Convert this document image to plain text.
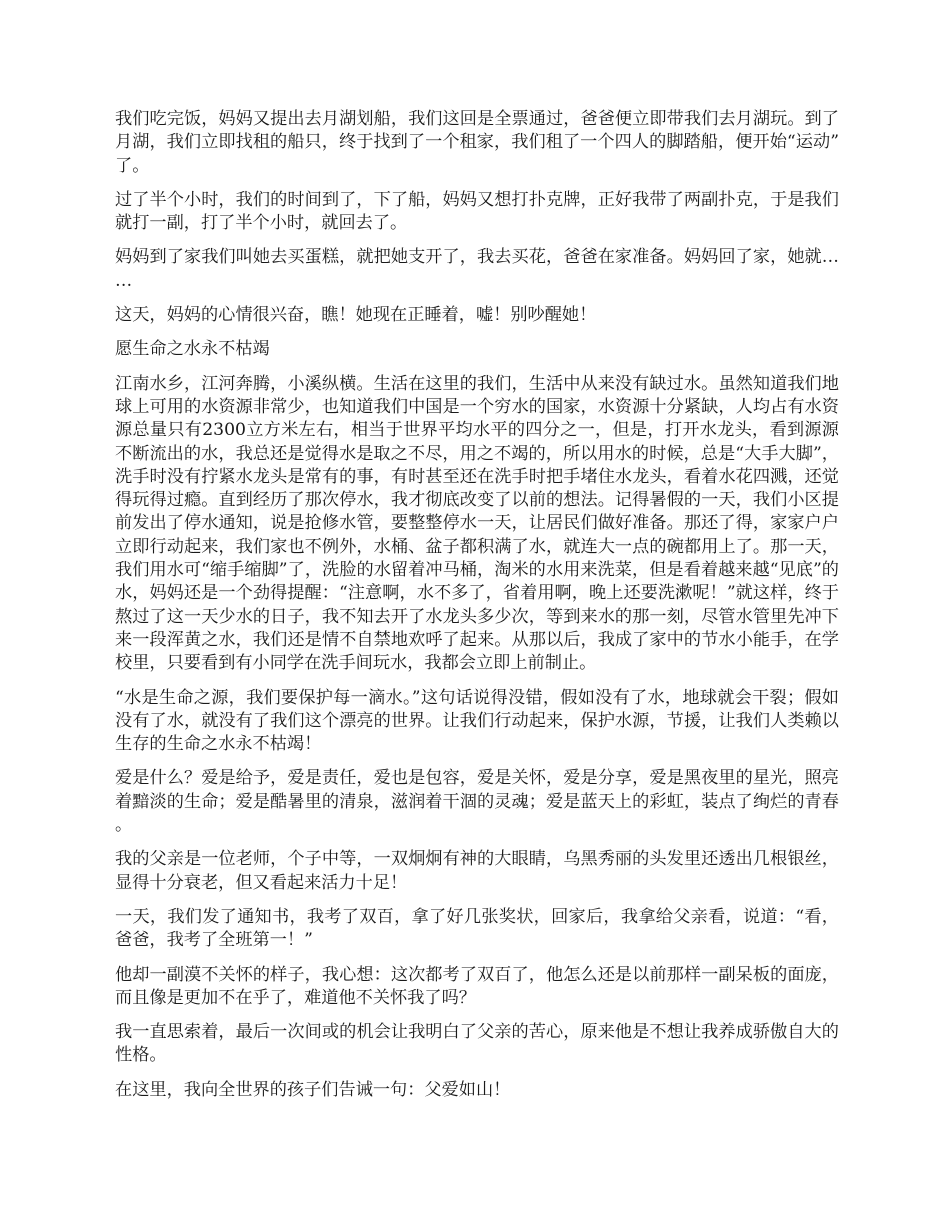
我们吃完饭，妈妈又提出去月湖划船，我们这回是全票通过，爸爸便立即带我们去月湖玩。到了月湖，我们立即找租的船只，终于找到了一个租家，我们租了一个四人的脚踏船，便开始“运动”了。

过了半个小时，我们的时间到了，下了船，妈妈又想打扑克牌，正好我带了两副扑克，于是我们就打一副，打了半个小时，就回去了。

妈妈到了家我们叫她去买蛋糕，就把她支开了，我去买花，爸爸在家准备。妈妈回了家，她就……

这天，妈妈的心情很兴奋，瞧！她现在正睡着，嘘！别吵醒她！

愿生命之水永不枯竭

江南水乡，江河奔腾，小溪纵横。生活在这里的我们，生活中从来没有缺过水。虽然知道我们地球上可用的水资源非常少，也知道我们中国是一个穷水的国家，水资源十分紧缺，人均占有水资源总量只有2300立方米左右，相当于世界平均水平的四分之一，但是，打开水龙头，看到源源不断流出的水，我总还是觉得水是取之不尽，用之不竭的，所以用水的时候，总是“大手大脚”，洗手时没有拧紧水龙头是常有的事，有时甚至还在洗手时把手堵住水龙头，看着水花四溅，还觉得玩得过瘾。直到经历了那次停水，我才彻底改变了以前的想法。记得暑假的一天，我们小区提前发出了停水通知，说是抢修水管，要整整停水一天，让居民们做好准备。那还了得，家家户户立即行动起来，我们家也不例外，水桶、盆子都积满了水，就连大一点的碗都用上了。那一天，我们用水可“缩手缩脚”了，洗脸的水留着冲马桶，淘米的水用来洗菜，但是看着越来越“见底”的水，妈妈还是一个劲得提醒：“注意啊，水不多了，省着用啊，晚上还要洗漱呢！”就这样，终于熬过了这一天少水的日子，我不知去开了水龙头多少次，等到来水的那一刻，尽管水管里先冲下来一段浑黄之水，我们还是情不自禁地欢呼了起来。从那以后，我成了家中的节水小能手，在学校里，只要看到有小同学在洗手间玩水，我都会立即上前制止。

“水是生命之源，我们要保护每一滴水。”这句话说得没错，假如没有了水，地球就会干裂；假如没有了水，就没有了我们这个漂亮的世界。让我们行动起来，保护水源，节援，让我们人类赖以生存的生命之水永不枯竭！

爱是什么？爱是给予，爱是责任，爱也是包容，爱是关怀，爱是分享，爱是黑夜里的星光，照亮着黯淡的生命；爱是酷暑里的清泉，滋润着干涸的灵魂；爱是蓝天上的彩虹，装点了绚烂的青春。

我的父亲是一位老师，个子中等，一双炯炯有神的大眼睛，乌黑秀丽的头发里还透出几根银丝，显得十分衰老，但又看起来活力十足！

一天，我们发了通知书，我考了双百，拿了好几张奖状，回家后，我拿给父亲看，说道：“看，爸爸，我考了全班第一！”

他却一副漠不关怀的样子，我心想：这次都考了双百了，他怎么还是以前那样一副呆板的面庞，而且像是更加不在乎了，难道他不关怀我了吗？

我一直思索着，最后一次间或的机会让我明白了父亲的苦心，原来他是不想让我养成骄傲自大的性格。

在这里，我向全世界的孩子们告诫一句：父爱如山！
